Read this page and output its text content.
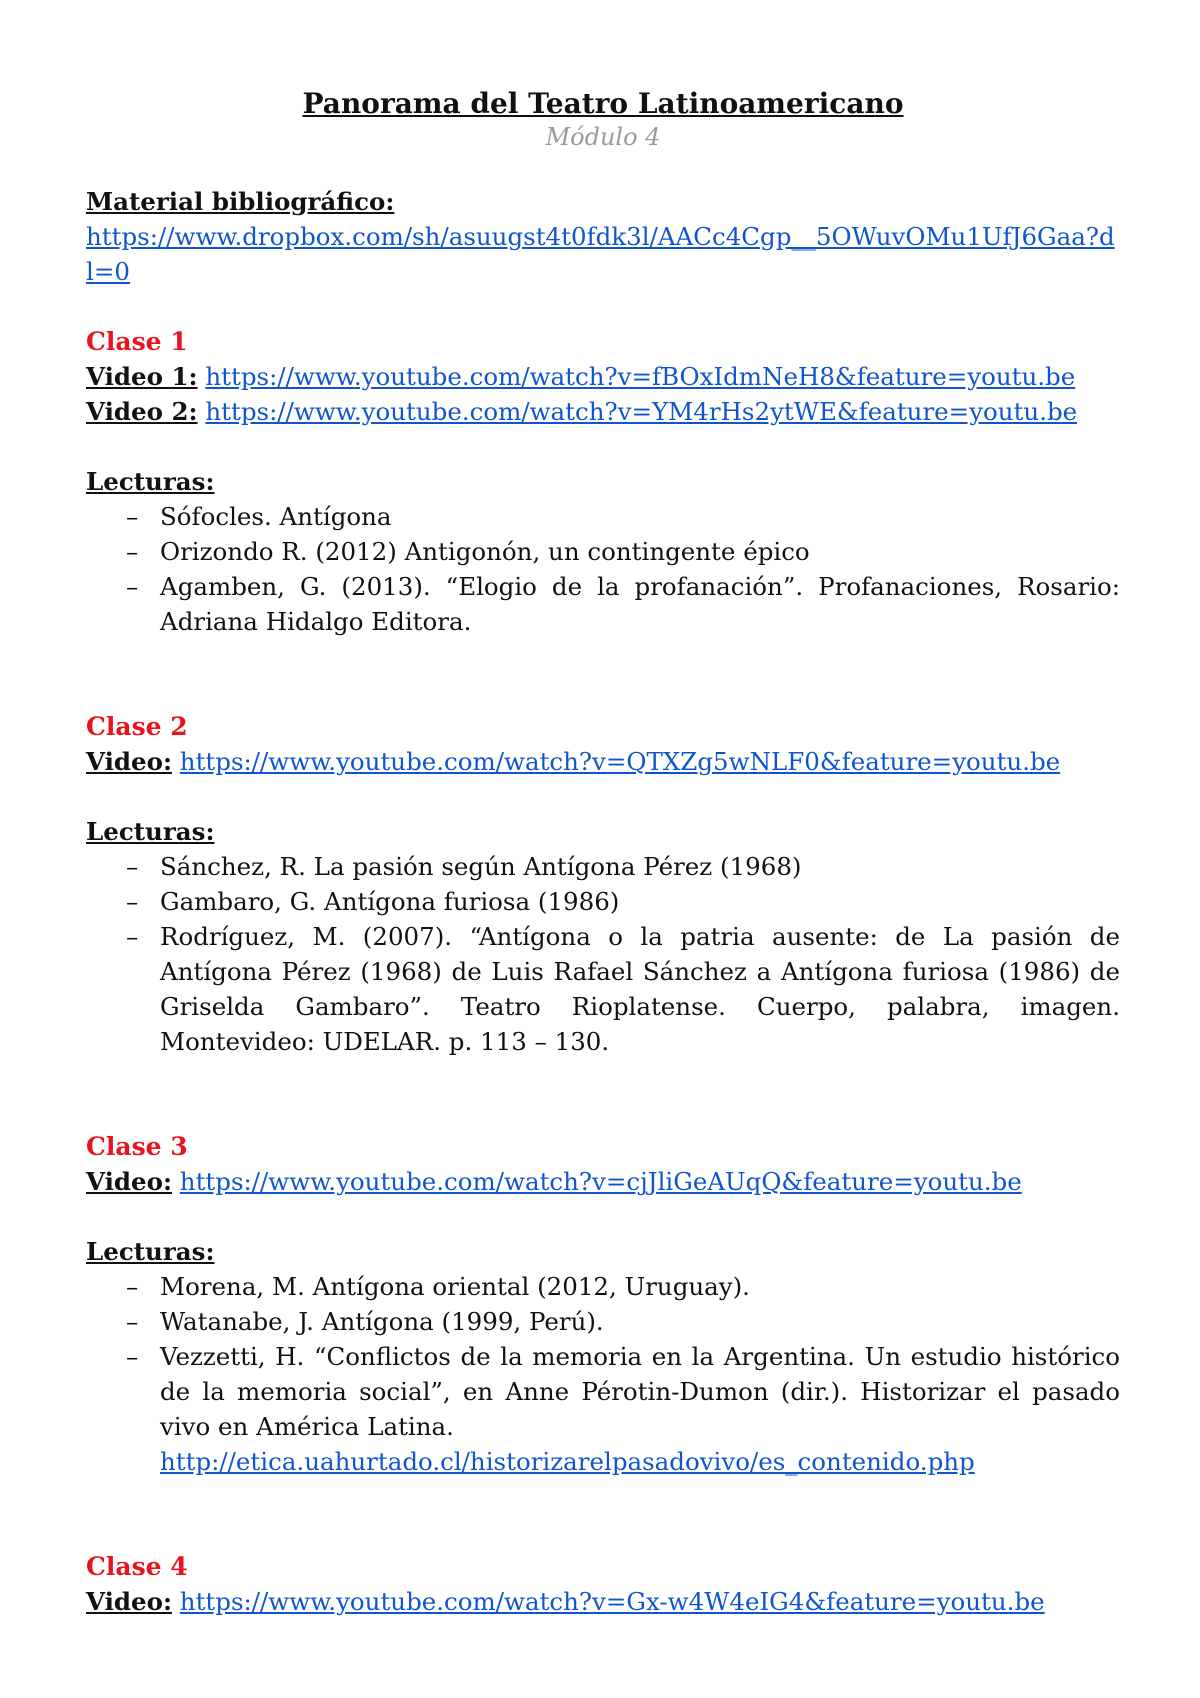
Panorama del Teatro Latinoamericano

Módulo 4

Material bibliográfico:
https://www.dropbox.com/sh/asuugst4t0fdk3l/AACc4Cgp__5OWuvOMu1UfJ6Gaa?dl=0

Clase 1

Video 1: https://www.youtube.com/watch?v=fBOxIdmNeH8&feature=youtu.be
Video 2: https://www.youtube.com/watch?v=YM4rHs2ytWE&feature=youtu.be
Lecturas:
– Sófocles. Antígona
– Orizondo R. (2012) Antigonón, un contingente épico
– Agamben, G. (2013). “Elogio de la profanación”. Profanaciones, Rosario: Adriana Hidalgo Editora.

Clase 2

Video: https://www.youtube.com/watch?v=QTXZg5wNLF0&feature=youtu.be
Lecturas:
– Sánchez, R. La pasión según Antígona Pérez (1968)
– Gambaro, G. Antígona furiosa (1986)
– Rodríguez, M. (2007). “Antígona o la patria ausente: de La pasión de Antígona Pérez (1968) de Luis Rafael Sánchez a Antígona furiosa (1986) de Griselda Gambaro”. Teatro Rioplatense. Cuerpo, palabra, imagen. Montevideo: UDELAR. p. 113 – 130.

Clase 3

Video: https://www.youtube.com/watch?v=cjJliGeAUqQ&feature=youtu.be
Lecturas:
– Morena, M. Antígona oriental (2012, Uruguay).
– Watanabe, J. Antígona (1999, Perú).
– Vezzetti, H. “Conflictos de la memoria en la Argentina. Un estudio histórico de la memoria social”, en Anne Pérotin-Dumon (dir.). Historizar el pasado vivo en América Latina.
http://etica.uahurtado.cl/historizarelpasadovivo/es_contenido.php

Clase 4

Video: https://www.youtube.com/watch?v=Gx-w4W4eIG4&feature=youtu.be
